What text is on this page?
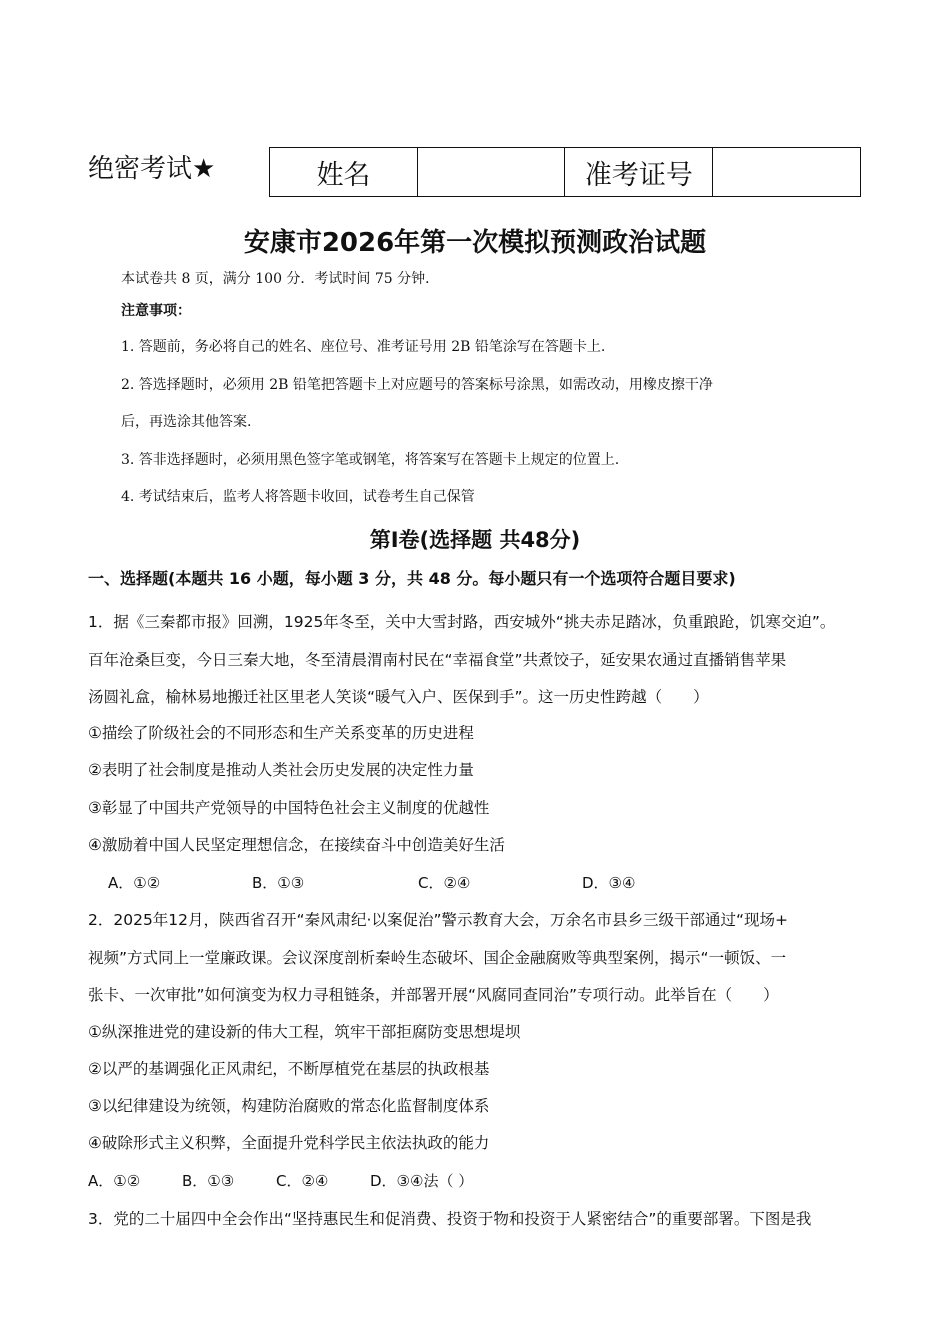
绝密考试★	姓名		准考证号	
安康市2026年第一次模拟预测政治试题
本试卷共 8 页，满分 100 分．考试时间 75 分钟．
注意事项：
1. 答题前，务必将自己的姓名、座位号、准考证号用 2B 铅笔涂写在答题卡上.
2. 答选择题时，必须用 2B 铅笔把答题卡上对应题号的答案标号涂黑，如需改动，用橡皮擦干净
后，再选涂其他答案.
3. 答非选择题时，必须用黑色签字笔或钢笔，将答案写在答题卡上规定的位置上.
4. 考试结束后，监考人将答题卡收回，试卷考生自己保管
第Ⅰ卷(选择题 共48分)
一、选择题(本题共 16 小题，每小题 3 分，共 48 分。每小题只有一个选项符合题目要求)
1．据《三秦都市报》回溯，1925年冬至，关中大雪封路，西安城外“挑夫赤足踏冰，负重踉跄，饥寒交迫”。
百年沧桑巨变，今日三秦大地，冬至清晨渭南村民在“幸福食堂”共煮饺子，延安果农通过直播销售苹果
汤圆礼盒，榆林易地搬迁社区里老人笑谈“暖气入户、医保到手”。这一历史性跨越（　　）
①描绘了阶级社会的不同形态和生产关系变革的历史进程
②表明了社会制度是推动人类社会历史发展的决定性力量
③彰显了中国共产党领导的中国特色社会主义制度的优越性
④激励着中国人民坚定理想信念，在接续奋斗中创造美好生活
A．①②	B．①③	C．②④	D．③④
2．2025年12月，陕西省召开“秦风肃纪·以案促治”警示教育大会，万余名市县乡三级干部通过“现场+
视频”方式同上一堂廉政课。会议深度剖析秦岭生态破坏、国企金融腐败等典型案例，揭示“一顿饭、一
张卡、一次审批”如何演变为权力寻租链条，并部署开展“风腐同查同治”专项行动。此举旨在（　　）
①纵深推进党的建设新的伟大工程，筑牢干部拒腐防变思想堤坝
②以严的基调强化正风肃纪，不断厚植党在基层的执政根基
③以纪律建设为统领，构建防治腐败的常态化监督制度体系
④破除形式主义积弊，全面提升党科学民主依法执政的能力
A．①②	B．①③	C．②④	D．③④法（ ）
3．党的二十届四中全会作出“坚持惠民生和促消费、投资于物和投资于人紧密结合”的重要部署。下图是我
